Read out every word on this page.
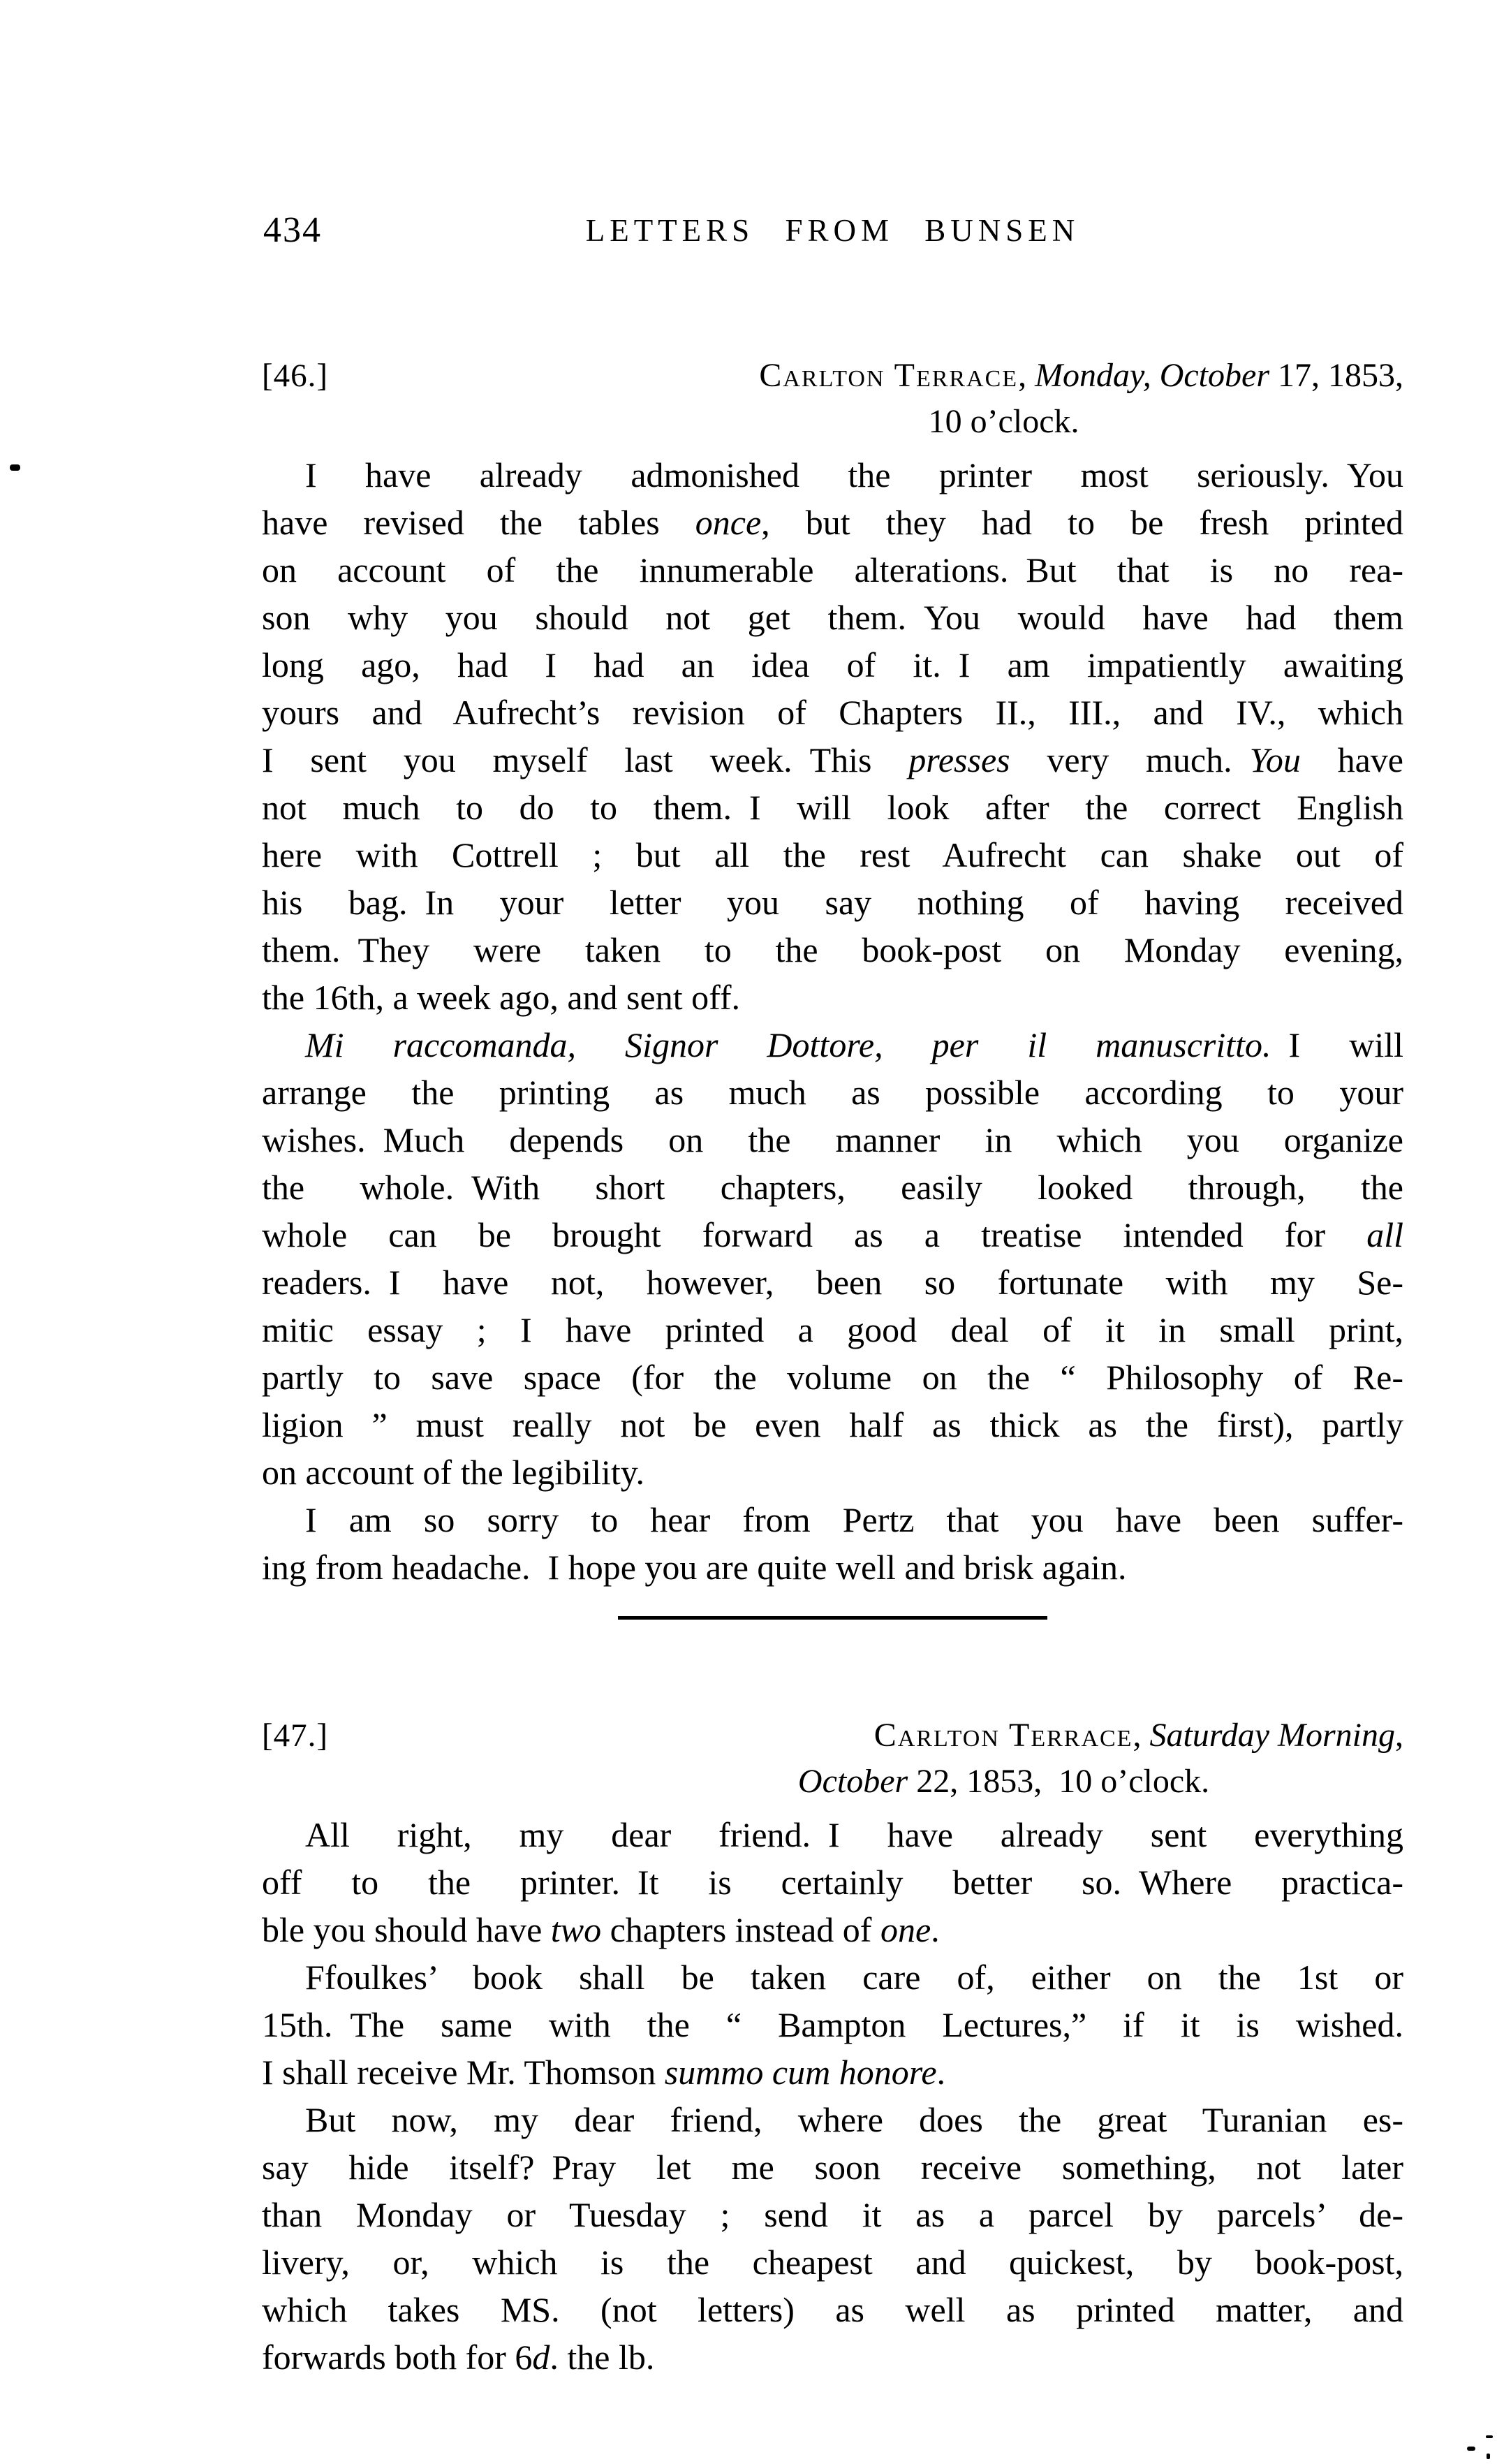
434	LETTERS FROM BUNSEN
[46.]	Carlton Terrace, Monday, October 17, 1853,
10 o’clock.
I have already admonished the printer most seriously. You
have revised the tables once, but they had to be fresh printed
on account of the innumerable alterations. But that is no rea-
son why you should not get them. You would have had them
long ago, had I had an idea of it. I am impatiently awaiting
yours and Aufrecht’s revision of Chapters II., III., and IV., which
I sent you myself last week. This presses very much. You have
not much to do to them. I will look after the correct English
here with Cottrell ; but all the rest Aufrecht can shake out of
his bag. In your letter you say nothing of having received
them. They were taken to the book-post on Monday evening,
the 16th, a week ago, and sent off.
Mi raccomanda, Signor Dottore, per il manuscritto. I will
arrange the printing as much as possible according to your
wishes. Much depends on the manner in which you organize
the whole. With short chapters, easily looked through, the
whole can be brought forward as a treatise intended for all
readers. I have not, however, been so fortunate with my Se-
mitic essay ; I have printed a good deal of it in small print,
partly to save space (for the volume on the “ Philosophy of Re-
ligion ” must really not be even half as thick as the first), partly
on account of the legibility.
I am so sorry to hear from Pertz that you have been suffer-
ing from headache. I hope you are quite well and brisk again.
[47.]	Carlton Terrace, Saturday Morning,
October 22, 1853, 10 o’clock.
All right, my dear friend. I have already sent everything
off to the printer. It is certainly better so. Where practica-
ble you should have two chapters instead of one.
Ffoulkes’ book shall be taken care of, either on the 1st or
15th. The same with the “ Bampton Lectures,” if it is wished.
I shall receive Mr. Thomson summo cum honore.
But now, my dear friend, where does the great Turanian es-
say hide itself? Pray let me soon receive something, not later
than Monday or Tuesday ; send it as a parcel by parcels’ de-
livery, or, which is the cheapest and quickest, by book-post,
which takes MS. (not letters) as well as printed matter, and
forwards both for 6d. the lb.
